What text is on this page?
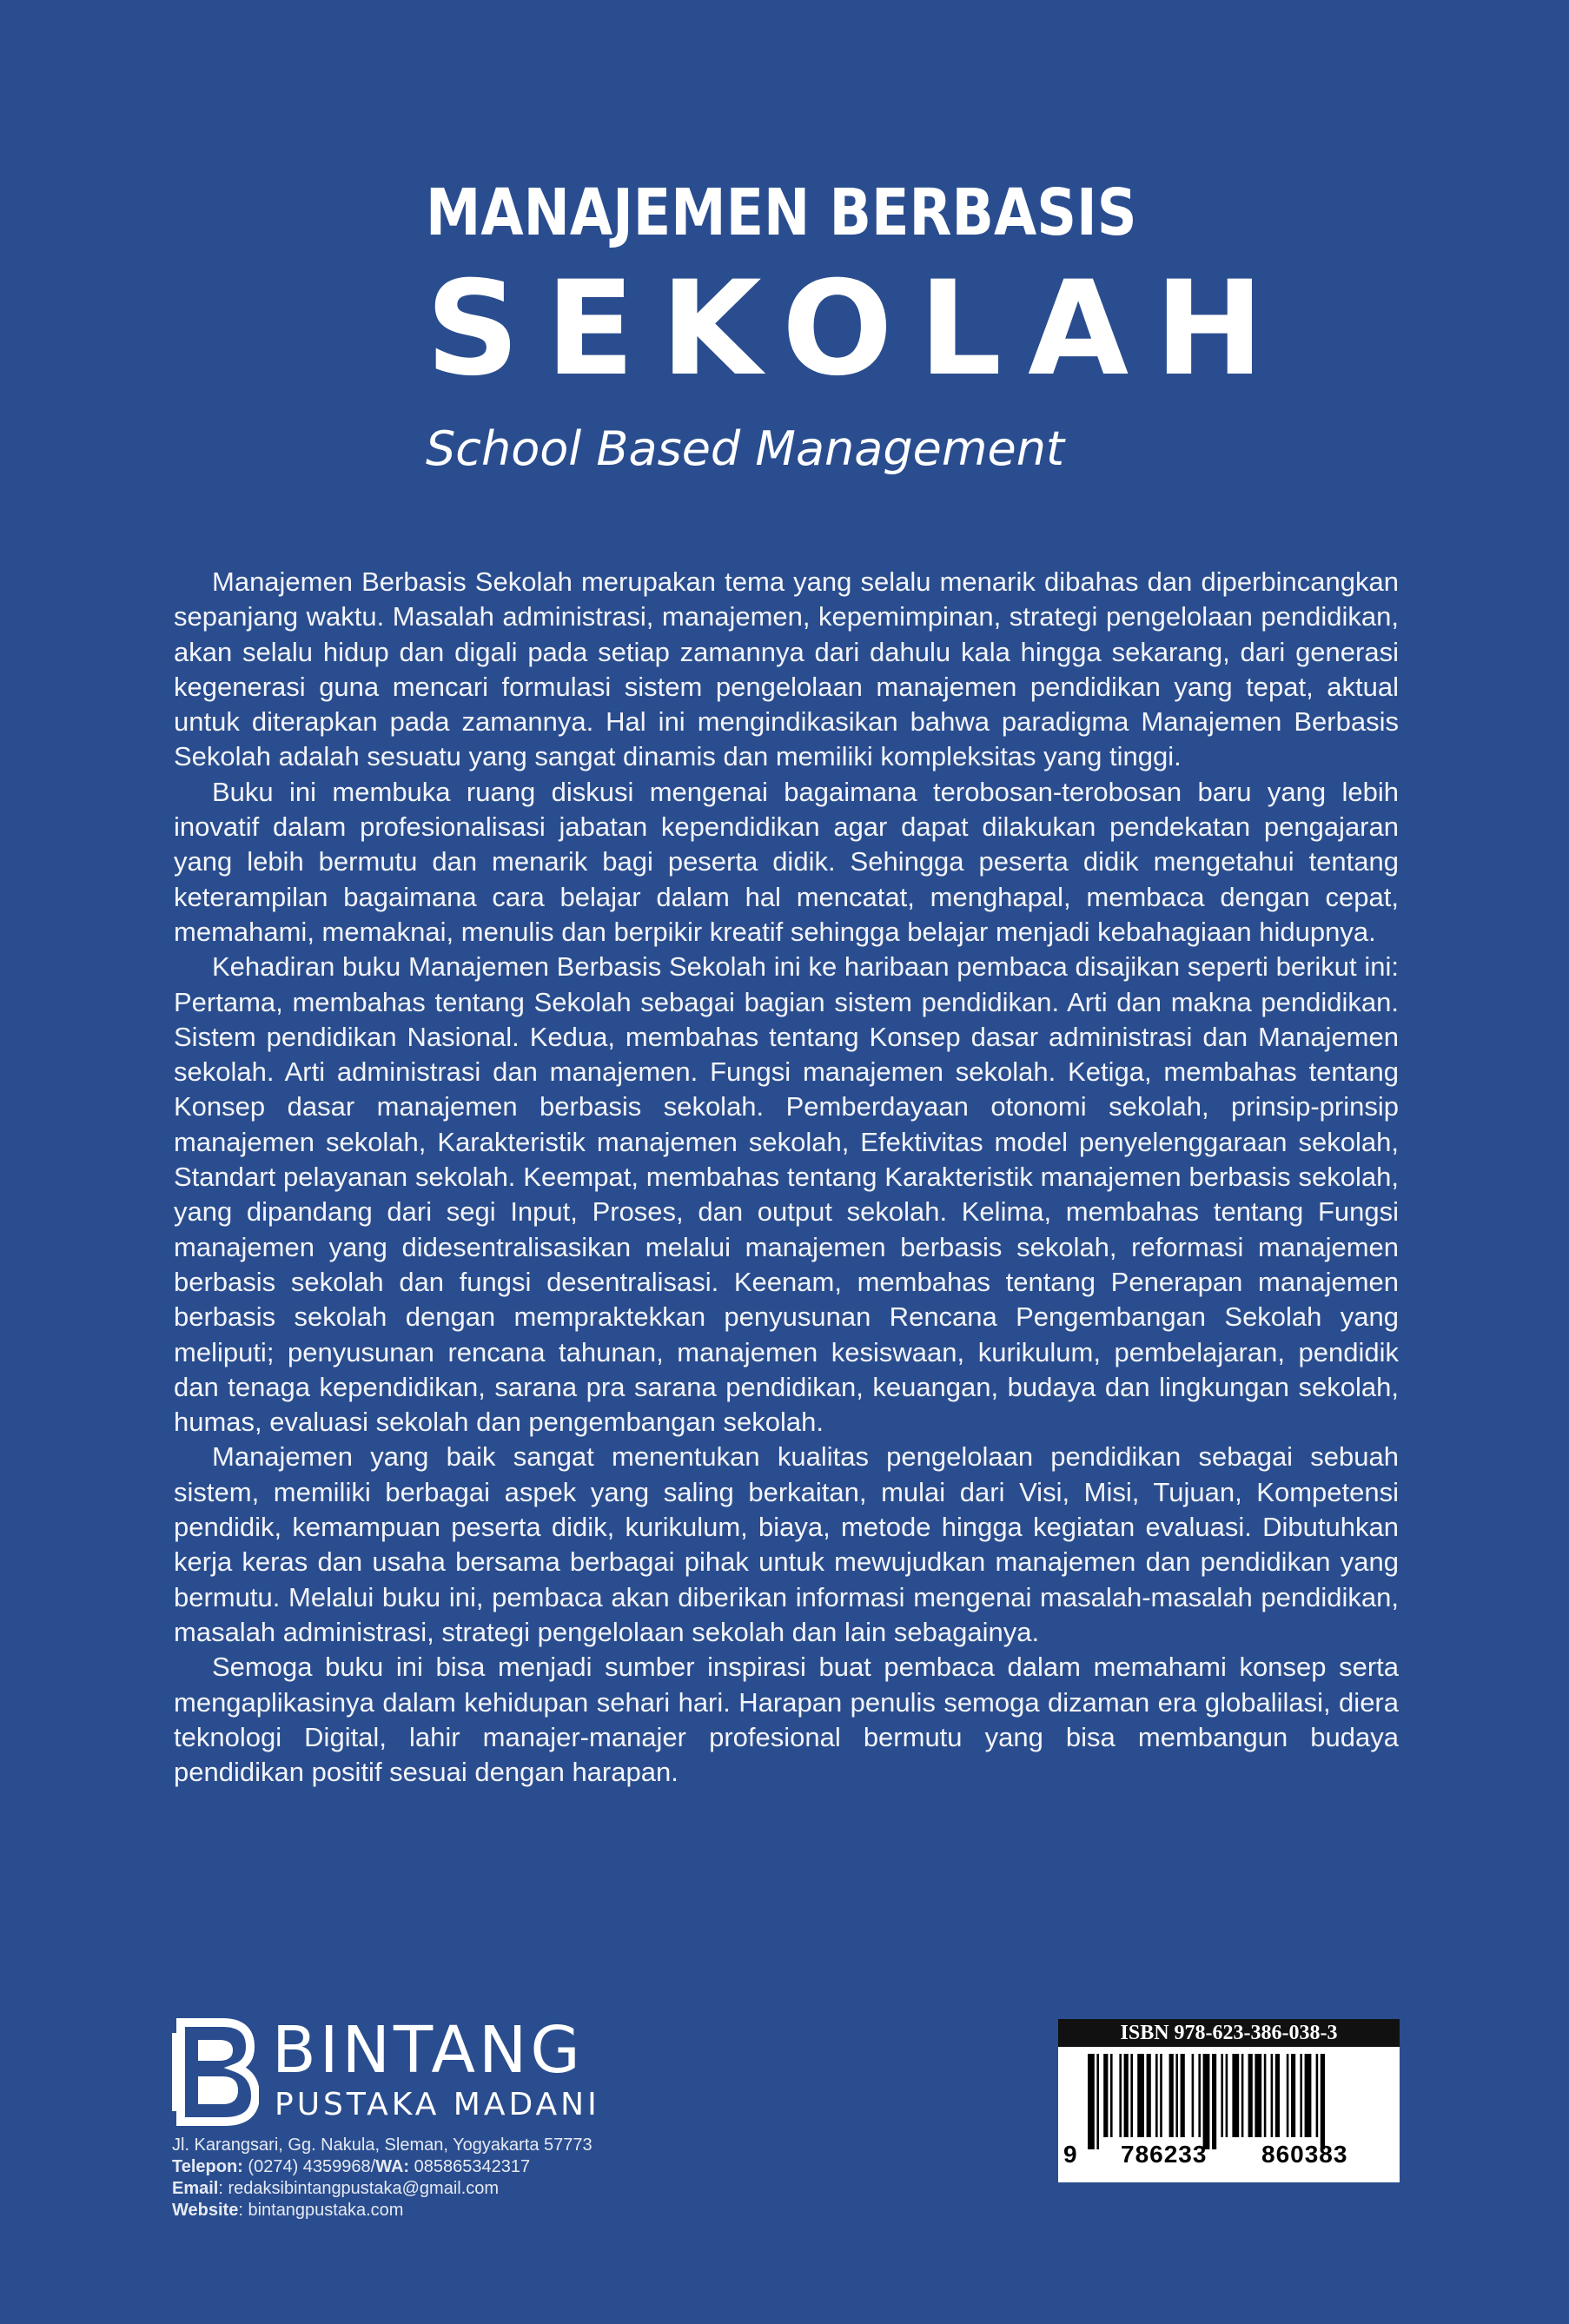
MANAJEMEN BERBASIS
SEKOLAH
School Based Management

Manajemen Berbasis Sekolah merupakan tema yang selalu menarik dibahas dan diperbincangkan sepanjang waktu. Masalah administrasi, manajemen, kepemimpinan, strategi pengelolaan pendidikan, akan selalu hidup dan digali pada setiap zamannya dari dahulu kala hingga sekarang, dari generasi kegenerasi guna mencari formulasi sistem pengelolaan manajemen pendidikan yang tepat, aktual untuk diterapkan pada zamannya. Hal ini mengindikasikan bahwa paradigma Manajemen Berbasis Sekolah adalah sesuatu yang sangat dinamis dan memiliki kompleksitas yang tinggi.

Buku ini membuka ruang diskusi mengenai bagaimana terobosan-terobosan baru yang lebih inovatif dalam profesionalisasi jabatan kependidikan agar dapat dilakukan pendekatan pengajaran yang lebih bermutu dan menarik bagi peserta didik. Sehingga peserta didik mengetahui tentang keterampilan bagaimana cara belajar dalam hal mencatat, menghapal, membaca dengan cepat, memahami, memaknai, menulis dan berpikir kreatif sehingga belajar menjadi kebahagiaan hidupnya.

Kehadiran buku Manajemen Berbasis Sekolah ini ke haribaan pembaca disajikan seperti berikut ini: Pertama, membahas tentang Sekolah sebagai bagian sistem pendidikan. Arti dan makna pendidikan. Sistem pendidikan Nasional. Kedua, membahas tentang Konsep dasar administrasi dan Manajemen sekolah. Arti administrasi dan manajemen. Fungsi manajemen sekolah. Ketiga, membahas tentang Konsep dasar manajemen berbasis sekolah. Pemberdayaan otonomi sekolah, prinsip-prinsip manajemen sekolah, Karakteristik manajemen sekolah, Efektivitas model penyelenggaraan sekolah, Standart pelayanan sekolah. Keempat, membahas tentang Karakteristik manajemen berbasis sekolah, yang dipandang dari segi Input, Proses, dan output sekolah. Kelima, membahas tentang Fungsi manajemen yang didesentralisasikan melalui manajemen berbasis sekolah, reformasi manajemen berbasis sekolah dan fungsi desentralisasi. Keenam, membahas tentang Penerapan manajemen berbasis sekolah dengan mempraktekkan penyusunan Rencana Pengembangan Sekolah yang meliputi; penyusunan rencana tahunan, manajemen kesiswaan, kurikulum, pembelajaran, pendidik dan tenaga kependidikan, sarana pra sarana pendidikan, keuangan, budaya dan lingkungan sekolah, humas, evaluasi sekolah dan pengembangan sekolah.

Manajemen yang baik sangat menentukan kualitas pengelolaan pendidikan sebagai sebuah sistem, memiliki berbagai aspek yang saling berkaitan, mulai dari Visi, Misi, Tujuan, Kompetensi pendidik, kemampuan peserta didik, kurikulum, biaya, metode hingga kegiatan evaluasi. Dibutuhkan kerja keras dan usaha bersama berbagai pihak untuk mewujudkan manajemen dan pendidikan yang bermutu. Melalui buku ini, pembaca akan diberikan informasi mengenai masalah-masalah pendidikan, masalah administrasi, strategi pengelolaan sekolah dan lain sebagainya.

Semoga buku ini bisa menjadi sumber inspirasi buat pembaca dalam memahami konsep serta mengaplikasinya dalam kehidupan sehari hari. Harapan penulis semoga dizaman era globalilasi, diera teknologi Digital, lahir manajer-manajer profesional bermutu yang bisa membangun budaya pendidikan positif sesuai dengan harapan.

BINTANG
PUSTAKA MADANI
Jl. Karangsari, Gg. Nakula, Sleman, Yogyakarta 57773
Telepon: (0274) 4359968/WA: 085865342317
Email: redaksibintangpustaka@gmail.com
Website: bintangpustaka.com
ISBN 978-623-386-038-3
9 786233 860383
